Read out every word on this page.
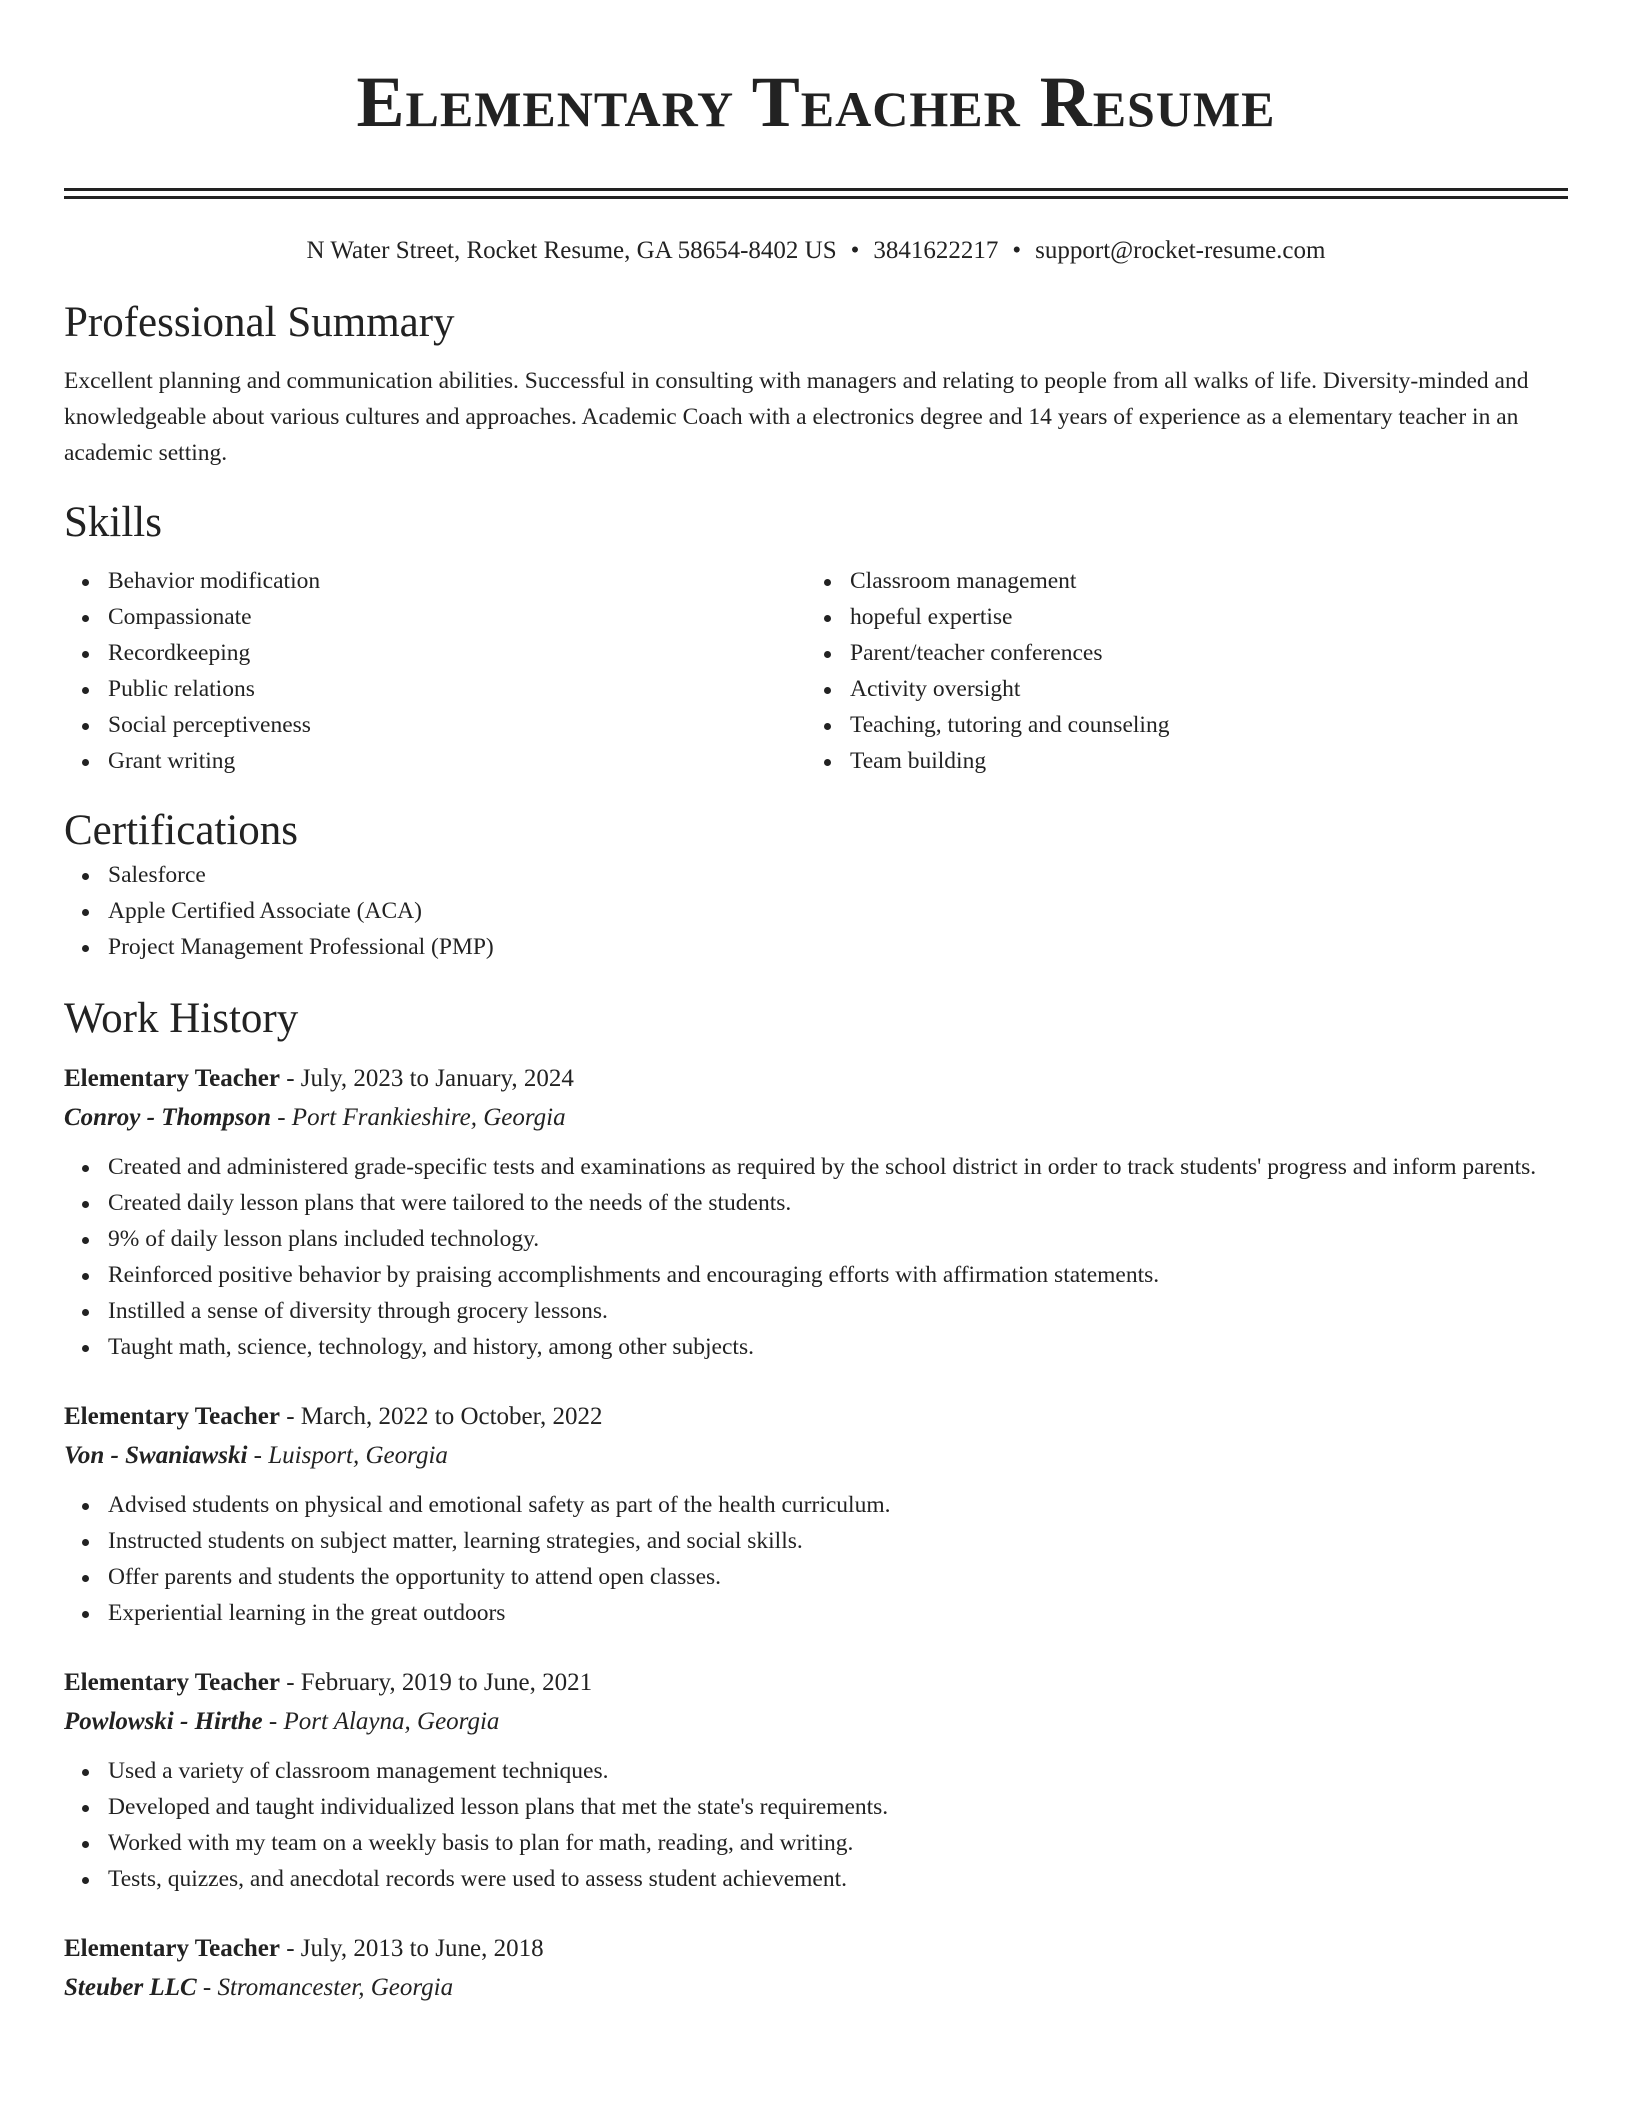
Elementary Teacher Resume
N Water Street, Rocket Resume, GA 58654-8402 US • 3841622217 • support@rocket-resume.com
Professional Summary
Excellent planning and communication abilities. Successful in consulting with managers and relating to people from all walks of life. Diversity-minded and knowledgeable about various cultures and approaches. Academic Coach with a electronics degree and 14 years of experience as a elementary teacher in an academic setting.
Skills
Behavior modification
Compassionate
Recordkeeping
Public relations
Social perceptiveness
Grant writing
Classroom management
hopeful expertise
Parent/teacher conferences
Activity oversight
Teaching, tutoring and counseling
Team building
Certifications
Salesforce
Apple Certified Associate (ACA)
Project Management Professional (PMP)
Work History
Elementary Teacher - July, 2023 to January, 2024
Conroy - Thompson - Port Frankieshire, Georgia
Created and administered grade-specific tests and examinations as required by the school district in order to track students' progress and inform parents.
Created daily lesson plans that were tailored to the needs of the students.
9% of daily lesson plans included technology.
Reinforced positive behavior by praising accomplishments and encouraging efforts with affirmation statements.
Instilled a sense of diversity through grocery lessons.
Taught math, science, technology, and history, among other subjects.
Elementary Teacher - March, 2022 to October, 2022
Von - Swaniawski - Luisport, Georgia
Advised students on physical and emotional safety as part of the health curriculum.
Instructed students on subject matter, learning strategies, and social skills.
Offer parents and students the opportunity to attend open classes.
Experiential learning in the great outdoors
Elementary Teacher - February, 2019 to June, 2021
Powlowski - Hirthe - Port Alayna, Georgia
Used a variety of classroom management techniques.
Developed and taught individualized lesson plans that met the state's requirements.
Worked with my team on a weekly basis to plan for math, reading, and writing.
Tests, quizzes, and anecdotal records were used to assess student achievement.
Elementary Teacher - July, 2013 to June, 2018
Steuber LLC - Stromancester, Georgia
